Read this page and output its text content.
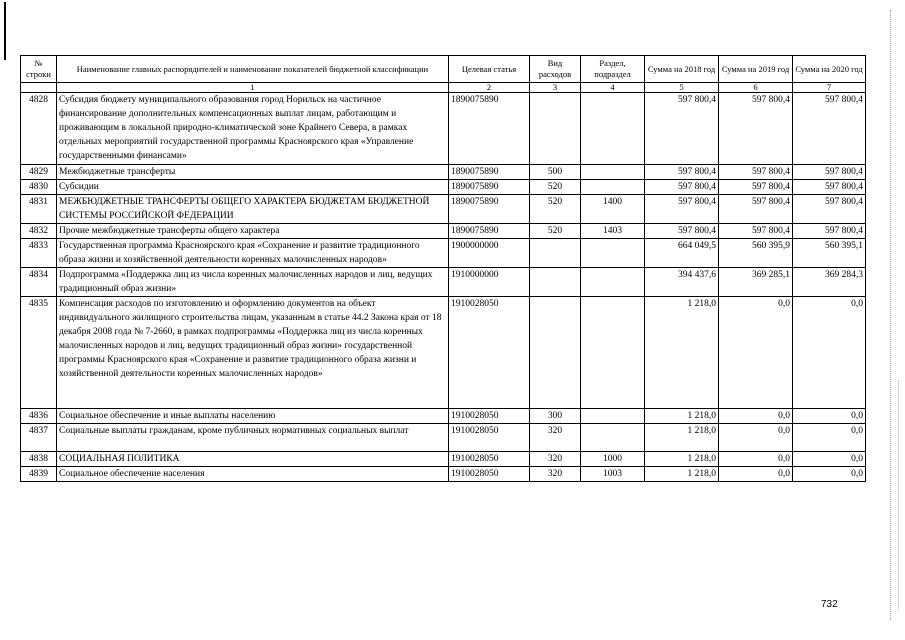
№ строки	Наименование главных распорядителей и наименование показателей бюджетной классификации	Целевая статья	Вид расходов	Раздел, подраздел	Сумма на 2018 год	Сумма на 2019 год	Сумма на 2020 год
	1	2	3	4	5	6	7
4828	Субсидия бюджету муниципального образования город Норильск на частичное финансирование дополнительных компенсационных выплат лицам, работающим и проживающим в локальной природно-климатической зоне Крайнего Севера, в рамках отдельных мероприятий государственной программы Красноярского края «Управление государственными финансами»	1890075890			597 800,4	597 800,4	597 800,4
4829	Межбюджетные трансферты	1890075890	500		597 800,4	597 800,4	597 800,4
4830	Субсидии	1890075890	520		597 800,4	597 800,4	597 800,4
4831	МЕЖБЮДЖЕТНЫЕ ТРАНСФЕРТЫ ОБЩЕГО ХАРАКТЕРА БЮДЖЕТАМ БЮДЖЕТНОЙ СИСТЕМЫ РОССИЙСКОЙ ФЕДЕРАЦИИ	1890075890	520	1400	597 800,4	597 800,4	597 800,4
4832	Прочие межбюджетные трансферты общего характера	1890075890	520	1403	597 800,4	597 800,4	597 800,4
4833	Государственная программа Красноярского края «Сохранение и развитие традиционного образа жизни и хозяйственной деятельности коренных малочисленных народов»	1900000000			664 049,5	560 395,9	560 395,1
4834	Подпрограмма «Поддержка лиц из числа коренных малочисленных народов и лиц, ведущих традиционный образ жизни»	1910000000			394 437,6	369 285,1	369 284,3
4835	Компенсация расходов по изготовлению и оформлению документов на объект индивидуального жилищного строительства лицам, указанным в статье 44.2 Закона края от 18 декабря 2008 года № 7-2660, в рамках подпрограммы «Поддержка лиц из числа коренных малочисленных народов и лиц, ведущих традиционный образ жизни» государственной программы Красноярского края «Сохранение и развитие традиционного образа жизни и хозяйственной деятельности коренных малочисленных народов»	1910028050			1 218,0	0,0	0,0
4836	Социальное обеспечение и иные выплаты населению	1910028050	300		1 218,0	0,0	0,0
4837	Социальные выплаты гражданам, кроме публичных нормативных социальных выплат	1910028050	320		1 218,0	0,0	0,0
4838	СОЦИАЛЬНАЯ ПОЛИТИКА	1910028050	320	1000	1 218,0	0,0	0,0
4839	Социальное обеспечение населения	1910028050	320	1003	1 218,0	0,0	0,0
732
